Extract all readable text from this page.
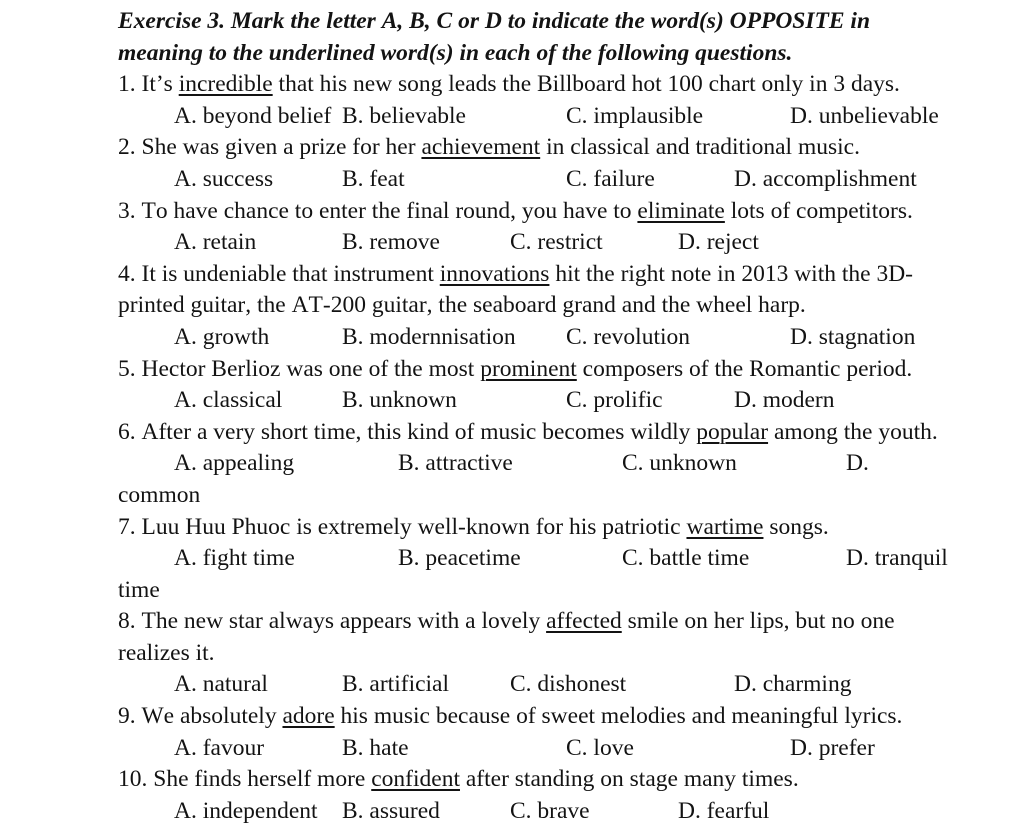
Exercise 3. Mark the letter A, B, C or D to indicate the word(s) OPPOSITE in meaning to the underlined word(s) in each of the following questions.

1. It’s incredible that his new song leads the Billboard hot 100 chart only in 3 days.

	A. beyond belief	B. believable			C. implausible			D. unbelievable

2. She was given a prize for her achievement in classical and traditional music.

	A. success			B. feat				C. failure			D. accomplishment

3. To have chance to enter the final round, you have to eliminate lots of competitors.

	A. retain			B. remove			C. restrict			D. reject

4. It is undeniable that instrument innovations hit the right note in 2013 with the 3D-printed guitar, the AT-200 guitar, the seaboard grand and the wheel harp.

	A. growth			B. modernnisation	C. revolution			D. stagnation

5. Hector Berlioz was one of the most prominent composers of the Romantic period.

	A. classical			B. unknown			C. prolific			D. modern

6. After a very short time, this kind of music becomes wildly popular among the youth.

	A. appealing			B. attractive			C. unknown			D. common

7. Luu Huu Phuoc is extremely well-known for his patriotic wartime songs.

	A. fight time			B. peacetime			C. battle time			D. tranquil time

8. The new star always appears with a lovely affected smile on her lips, but no one realizes it.

	A. natural			B. artificial			C. dishonest			D. charming

9. We absolutely adore his music because of sweet melodies and meaningful lyrics.

	A. favour			B. hate				C. love				D. prefer

10. She finds herself more confident after standing on stage many times.

	A. independent	B. assured			C. brave			D. fearful
